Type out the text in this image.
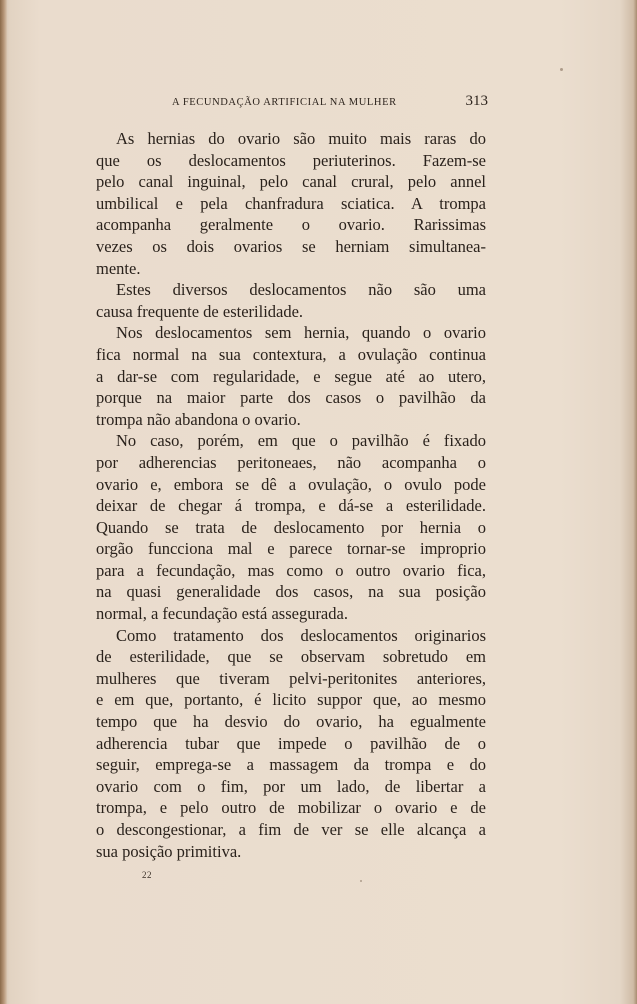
A FECUNDAÇÃO ARTIFICIAL NA MULHER	313
As hernias do ovario são muito mais raras do
que os deslocamentos periuterinos. Fazem-se
pelo canal inguinal, pelo canal crural, pelo annel
umbilical e pela chanfradura sciatica. A trompa
acompanha geralmente o ovario. Rarissimas
vezes os dois ovarios se herniam simultanea-
mente.
Estes diversos deslocamentos não são uma
causa frequente de esterilidade.
Nos deslocamentos sem hernia, quando o ovario
fica normal na sua contextura, a ovulação continua
a dar-se com regularidade, e segue até ao utero,
porque na maior parte dos casos o pavilhão da
trompa não abandona o ovario.
No caso, porém, em que o pavilhão é fixado
por adherencias peritoneaes, não acompanha o
ovario e, embora se dê a ovulação, o ovulo pode
deixar de chegar á trompa, e dá-se a esterilidade.
Quando se trata de deslocamento por hernia o
orgão funcciona mal e parece tornar-se improprio
para a fecundação, mas como o outro ovario fica,
na quasi generalidade dos casos, na sua posição
normal, a fecundação está assegurada.
Como tratamento dos deslocamentos originarios
de esterilidade, que se observam sobretudo em
mulheres que tiveram pelvi-peritonites anteriores,
e em que, portanto, é licito suppor que, ao mesmo
tempo que ha desvio do ovario, ha egualmente
adherencia tubar que impede o pavilhão de o
seguir, emprega-se a massagem da trompa e do
ovario com o fim, por um lado, de libertar a
trompa, e pelo outro de mobilizar o ovario e de
o descongestionar, a fim de ver se elle alcança a
sua posição primitiva.
22
